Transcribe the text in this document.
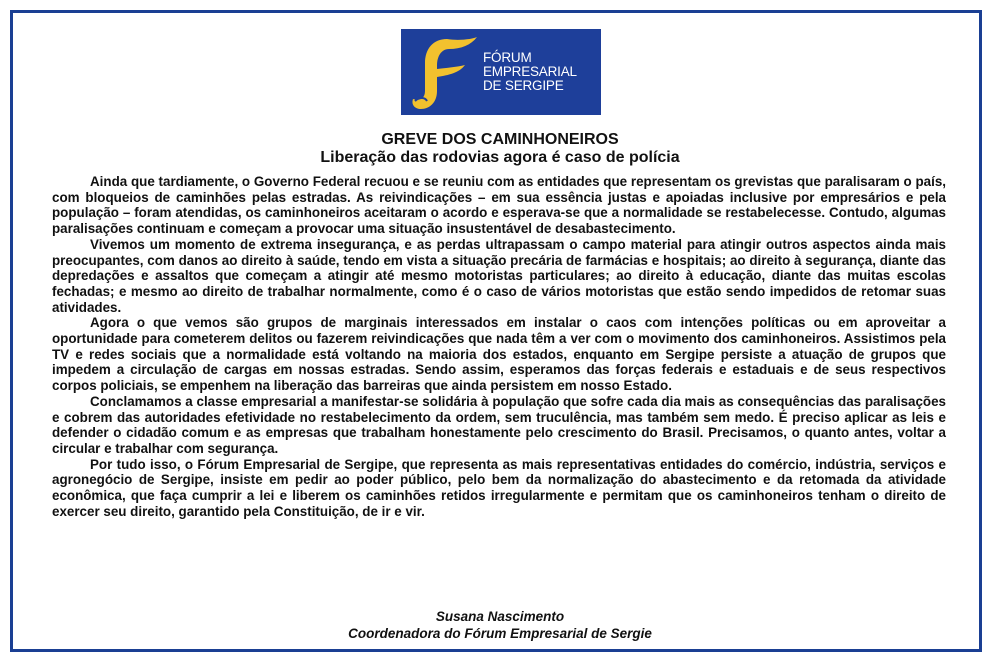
FÓRUM
EMPRESARIAL
DE SERGIPE
GREVE DOS CAMINHONEIROS
Liberação das rodovias agora é caso de polícia

Ainda que tardiamente, o Governo Federal recuou e se reuniu com as entidades que representam os grevistas que paralisaram o país, com bloqueios de caminhões pelas estradas. As reivindicações – em sua essência justas e apoiadas inclusive por empresários e pela população – foram atendidas, os caminhoneiros aceitaram o acordo e esperava-se que a normalidade se restabelecesse. Contudo, algumas paralisações continuam e começam a provocar uma situação insustentável de desabastecimento.

Vivemos um momento de extrema insegurança, e as perdas ultrapassam o campo material para atingir outros aspectos ainda mais preocupantes, com danos ao direito à saúde, tendo em vista a situação precária de farmácias e hospitais; ao direito à segurança, diante das depredações e assaltos que começam a atingir até mesmo motoristas particulares; ao direito à educação, diante das muitas escolas fechadas; e mesmo ao direito de trabalhar normalmente, como é o caso de vários motoristas que estão sendo impedidos de retomar suas atividades.

Agora o que vemos são grupos de marginais interessados em instalar o caos com intenções políticas ou em aproveitar a oportunidade para cometerem delitos ou fazerem reivindicações que nada têm a ver com o movimento dos caminhoneiros. Assistimos pela TV e redes sociais que a normalidade está voltando na maioria dos estados, enquanto em Sergipe persiste a atuação de grupos que impedem a circulação de cargas em nossas estradas. Sendo assim, esperamos das forças federais e estaduais e de seus respectivos corpos policiais, se empenhem na liberação das barreiras que ainda persistem em nosso Estado.

Conclamamos a classe empresarial a manifestar-se solidária à população que sofre cada dia mais as consequências das paralisações e cobrem das autoridades efetividade no restabelecimento da ordem, sem truculência, mas também sem medo. É preciso aplicar as leis e defender o cidadão comum e as empresas que trabalham honestamente pelo crescimento do Brasil. Precisamos, o quanto antes, voltar a circular e trabalhar com segurança.

Por tudo isso, o Fórum Empresarial de Sergipe, que representa as mais representativas entidades do comércio, indústria, serviços e agronegócio de Sergipe, insiste em pedir ao poder público, pelo bem da normalização do abastecimento e da retomada da atividade econômica, que faça cumprir a lei e liberem os caminhões retidos irregularmente e permitam que os caminhoneiros tenham o direito de exercer seu direito, garantido pela Constituição, de ir e vir.

Susana Nascimento
Coordenadora do Fórum Empresarial de Sergie
